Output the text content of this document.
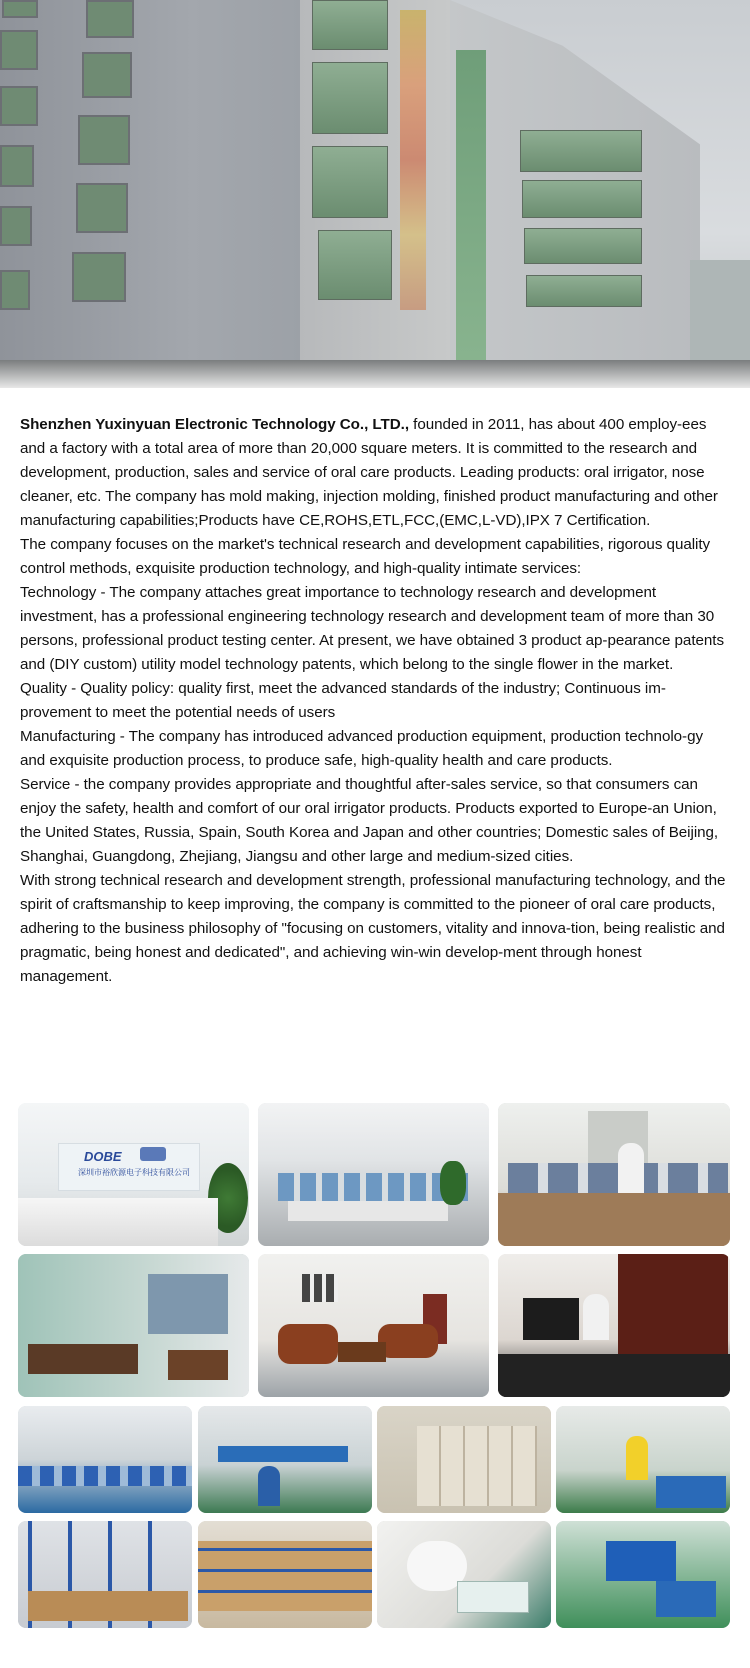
Shenzhen Yuxinyuan Electronic Technology Co., LTD., founded in 2011, has about 400 employ-ees and a factory with a total area of more than 20,000 square meters. It is committed to the research and development, production, sales and service of oral care products. Leading products: oral irrigator, nose cleaner, etc. The company has mold making, injection molding, finished product manufacturing and other manufacturing capabilities;Products have CE,ROHS,ETL,FCC,(EMC,L-VD),IPX 7 Certification.

The company focuses on the market's technical research and development capabilities, rigorous quality control methods, exquisite production technology, and high-quality intimate services:

Technology - The company attaches great importance to technology research and development investment, has a professional engineering technology research and development team of more than 30 persons, professional product testing center. At present, we have obtained 3 product ap-pearance patents and (DIY custom) utility model technology patents, which belong to the single flower in the market.

Quality - Quality policy: quality first, meet the advanced standards of the industry; Continuous im-provement to meet the potential needs of users

Manufacturing - The company has introduced advanced production equipment, production technolo-gy and exquisite production process, to produce safe, high-quality health and care products.

Service - the company provides appropriate and thoughtful after-sales service, so that consumers can enjoy the safety, health and comfort of our oral irrigator products. Products exported to Europe-an Union, the United States, Russia, Spain, South Korea and Japan and other countries; Domestic sales of Beijing, Shanghai, Guangdong, Zhejiang, Jiangsu and other large and medium-sized cities.

With strong technical research and development strength, professional manufacturing technology, and the spirit of craftsmanship to keep improving, the company is committed to the pioneer of oral care products, adhering to the business philosophy of "focusing on customers, vitality and innova-tion, being realistic and pragmatic, being honest and dedicated", and achieving win-win develop-ment through honest management.

DOBE
深圳市裕欣源电子科技有限公司
